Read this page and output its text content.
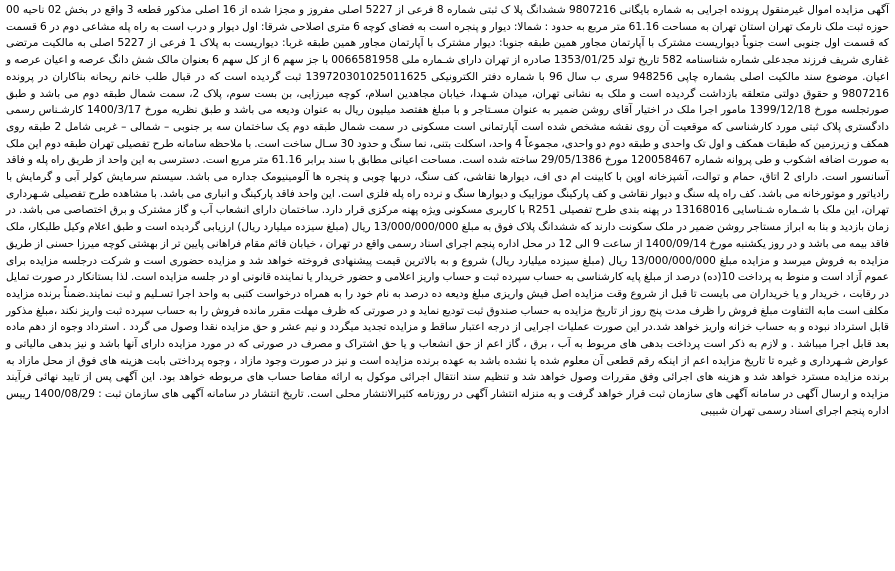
آگهی مزایده اموال غیرمنقول پرونده اجرایی به شماره بایگانی 9807216 ششدانگ پلا ک ثبتی شماره 8 فرعی از 5227 اصلی مفروز و مجزا شده از 16 اصلی مذکور قطعه 3 واقع در بخش 02 ناحیه 00 حوزه ثبت ملک نارمک تهران استان تهران به مساحت 61.16 متر مربع به حدود : شمالا: دیوار و پنجره است به فضای کوچه 6 متری اصلاحی شرقا: اول دیوار و درب است به راه پله مشاعی دوم در 6 قسمت که قسمت اول جنوبی است جنوباً دیواریست مشترک با آپارتمان مجاور همین طبقه جنوبا: دیوار مشترک با آپارتمان مجاور همین طبقه غربا: دیواریست به پلاک 1 فرعی از 5227 اصلی به مالکیت مرتضی غفاری شریف فرزند مجدعلی شماره شناسنامه 582 تاریخ تولد 1353/01/25 صادره از تهران دارای شـماره ملی 0066581958 با جز سهم 6 از کل سهم 6 بعنوان مالک شش دانگ عرصه و اعیان عرصه و اعیان. موضوع سند مالکیت اصلی بشماره چاپی 948256 سری ب سال 96 با شماره دفتر الکترونیکی 139720301025011625 ثبت گردیده است که در قبال طلب خانم ریحانه بناکاران در پرونده 9807216 و حقوق دولتی متعلقه بازداشت گردیده است و ملک به نشانی تهران، میدان شـهدا، خیابان مجاهدین اسلام، کوچه میرزایی، بن بست سوم، پلاک 2، سمت شمال طبقه دوم می باشد و طبق صورتجلسه مورخ 1399/12/18 مامور اجرا ملک در اختیار آقای روشن ضمیر به عنوان مسـتاجر و با مبلغ هفتصد میلیون ریال به عنوان ودیعه می باشد و طبق نظریه مورخ 1400/3/17 کارشـناس رسمی دادگستری پلاک ثبتی مورد کارشناسی که موقعیت آن روی نقشه مشخص شده است آپارتمانی است مسکونی در سمت شمال طبقه دوم یک ساختمان سه بر جنوبی – شمالی – غربی شامل 2 طبقه روی همکف و زیرزمین که طبقات همکف و اول تک واحدی و طبقه دوم دو واحدی، مجموعاً 4 واحد، اسکلت بتنی، نما سنگ و حدود 30 سـال ساخت است. با ملاحظه سامانه طرح تفصیلی تهران طبقه دوم این ملک به صورت اضافه اشکوب و طی پروانه شماره 120058467 مورخ 29/05/1386 ساخته شده است. مساحت اعیانی مطابق با سند برابر 61.16 متر مربع است. دسترسی به این واحد از طریق راه پله و فاقد آسانسور است. دارای 2 اتاق، حمام و توالت، آشپزخانه اوپن با کابینت ام دی اف، دیوارها نقاشی، کف سنگ، دربها چوبی و پنجره ها آلومینیومک جداره می باشد. سیستم سرمایش کولر آبی و گرمایش با رادیاتور و موتورخانه می باشد. کف راه پله سنگ و دیوار نقاشی و کف پارکینگ موزاییک و دیوارها سنگ و نرده راه پله فلزی است. این واحد فاقد پارکینگ و انباری می باشد. با مشاهده طرح تفصیلی شـهرداری تهران، این ملک با شـماره شـناسایی 13168016 در پهنه بندی طرح تفصیلی R251 با کاربری مسکونی ویژه پهنه مرکزی قرار دارد. ساختمان دارای انشعاب آب و گاز مشترک و برق اختصاصی می باشد. در زمان بازدید و بنا به ابراز مستاجر روشن ضمیر در ملک سکونت دارند که ششدانگ پلاک فوق به مبلغ 13/000/000/000 ریال (مبلغ سیزده میلیارد ریال) ارزیابی گردیده است و طبق اعلام وکیل طلبکار، ملک فاقد بیمه می باشد و در روز یکشنبه مورخ 1400/09/14 از ساعت 9 الی 12 در محل اداره پنجم اجرای اسناد رسمی واقع در تهران ، خیابان قائم مقام فراهانی پایین تر از بهشتی کوچه میرزا حسنی از طریق مزایده به فروش میرسد و مزایده مبلغ 13/000/000/000 ریال (مبلغ سیزده میلیارد ریال) شروع و به بالاترین قیمت پیشنهادی فروخته خواهد شد و مزایده حضوری است و شرکت درجلسه مزایده برای عموم آزاد است و منوط به پرداخت 10(ده) درصد از مبلغ پایه کارشناسی به حساب سپرده ثبت و حساب واریز اعلامی و حضور خریدار یا نماینده قانونی او در جلسه مزایده است. لذا بستانکار در صورت تمایل در رقابت ، خریدار و یا خریداران می بایست تا قبل از شروع وقت مزایده اصل فیش واریزی مبلغ ودیعه ده درصد به نام خود را به همراه درخواست کتبی به واحد اجرا تسـلیم و ثبت نمایند.ضمناً برنده مزایده مکلف است مابه التفاوت مبلغ فروش را ظرف مدت پنج روز از تاریخ مزایده به حساب صندوق ثبت تودیع نماید و در صورتی که ظرف مهلت مقرر مانده فروش را به حساب سپرده ثبت واریز نکند ،مبلغ مذکور قابل استرداد نبوده و به حساب خزانه واریز خواهد شد.در این صورت عملیات اجرایی از درجه اعتبار ساقط و مزایده تجدید میگردد و نیم عشر و حق مزایده نقدا وصول می گردد . استرداد وجوه از دهم ماده بعد قابل اجرا میباشد . و لازم به ذکر است پرداخت بدهی های مربوط به آب ، برق ، گاز اعم از حق انشعاب و یا حق اشتراک و مصرف در صورتی که در مورد مزایده دارای آنها باشد و نیز بدهی مالیاتی و عوارض شـهرداری و غیره تا تاریخ مزایده اعم از اینکه رقم قطعی آن معلوم شده یا نشده باشد به عهده برنده مزایده است و نیز در صورت وجود مازاد ، وجوه پرداختی بابت هزینه های فوق از محل مازاد به برنده مزایده مسترد خواهد شد و هزینه های اجرائی وفق مقررات وصول خواهد شد و تنظیم سند انتقال اجرائی موکول به ارائه مفاصا حساب های مربوطه خواهد بود. این آگهی پس از تایید نهائی فرآیند مزایده و ارسال آگهی در سامانه آگهی های سازمان ثبت قرار خواهد گرفت و به منزله انتشار آگهی در روزنامه کثیرالانتشار محلی است. تاریخ انتشار در سامانه آگهی های سازمان ثبت : 1400/08/29 رییس اداره پنجم اجرای اسناد رسمی تهران شبیبی
